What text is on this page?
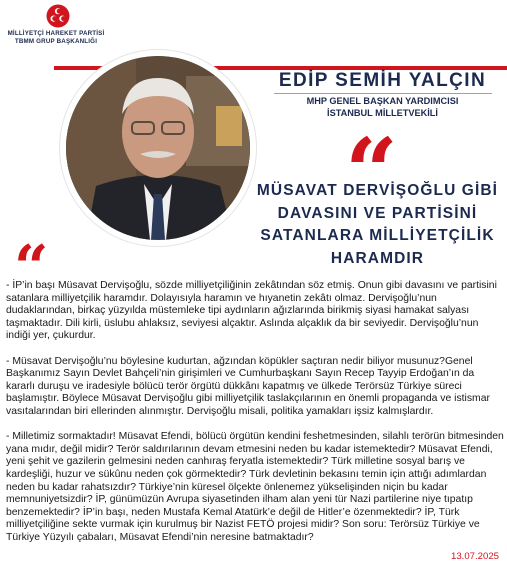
MİLLİYETÇİ HAREKET PARTİSİ
TBMM GRUP BAŞKANLIĞI
EDİP SEMİH YALÇIN
MHP GENEL BAŞKAN YARDIMCISI
İSTANBUL MİLLETVEKİLİ
“
“
MÜSAVAT DERVİŞOĞLU GİBİ
DAVASINI VE PARTİSİNİ
SATANLARA MİLLİYETÇİLİK
HARAMDIR

- İP’in başı Müsavat Dervişoğlu, sözde milliyetçiliğinin zekâtından söz etmiş. Onun gibi davasını ve partisini satanlara milliyetçilik haramdır. Dolayısıyla haramın ve hıyanetin zekâtı olmaz. Dervişoğlu’nun dudaklarından, birkaç yüzyılda müstemleke tipi aydınların ağızlarında birikmiş siyasi hamakat salyası taşmaktadır. Dili kirli, üslubu ahlaksız, seviyesi alçaktır. Aslında alçaklık da bir seviyedir. Dervişoğlu’nun indiği yer, çukurdur.

- Müsavat Dervişoğlu’nu böylesine kudurtan, ağzından köpükler saçtıran nedir biliyor musunuz?Genel Başkanımız Sayın Devlet Bahçeli’nin girişimleri ve Cumhurbaşkanı Sayın Recep Tayyip Erdoğan’ın da kararlı duruşu ve iradesiyle bölücü terör örgütü dükkânı kapatmış ve ülkede Terörsüz Türkiye süreci başlamıştır. Böylece Müsavat Dervişoğlu gibi milliyetçilik taslakçılarının en önemli propaganda ve istismar vasıtalarından biri ellerinden alınmıştır. Dervişoğlu misali, politika yamakları işsiz kalmışlardır.

- Milletimiz sormaktadır! Müsavat Efendi, bölücü örgütün kendini feshetmesinden, silahlı terörün bitmesinden yana mıdır, değil midir? Terör saldırılarının devam etmesini neden bu kadar istemektedir? Müsavat Efendi, yeni şehit ve gazilerin gelmesini neden canhıraş feryatla istemektedir? Türk milletine sosyal barış ve kardeşliği, huzur ve sükûnu neden çok görmektedir? Türk devletinin bekasını temin için attığı adımlardan neden bu kadar rahatsızdır? Türkiye’nin küresel ölçekte önlenemez yükselişinden niçin bu kadar memnuniyetsizdir? İP, günümüzün Avrupa siyasetinden ilham alan yeni tür Nazi partilerine niye tıpatıp benzemektedir? İP’in başı, neden Mustafa Kemal Atatürk’e değil de Hitler’e özenmektedir? İP, Türk milliyetçiliğine sekte vurmak için kurulmuş bir Nazist FETÖ projesi midir? Son soru: Terörsüz Türkiye ve Türkiye Yüzyılı çabaları, Müsavat Efendi’nin neresine batmaktadır?

13.07.2025
